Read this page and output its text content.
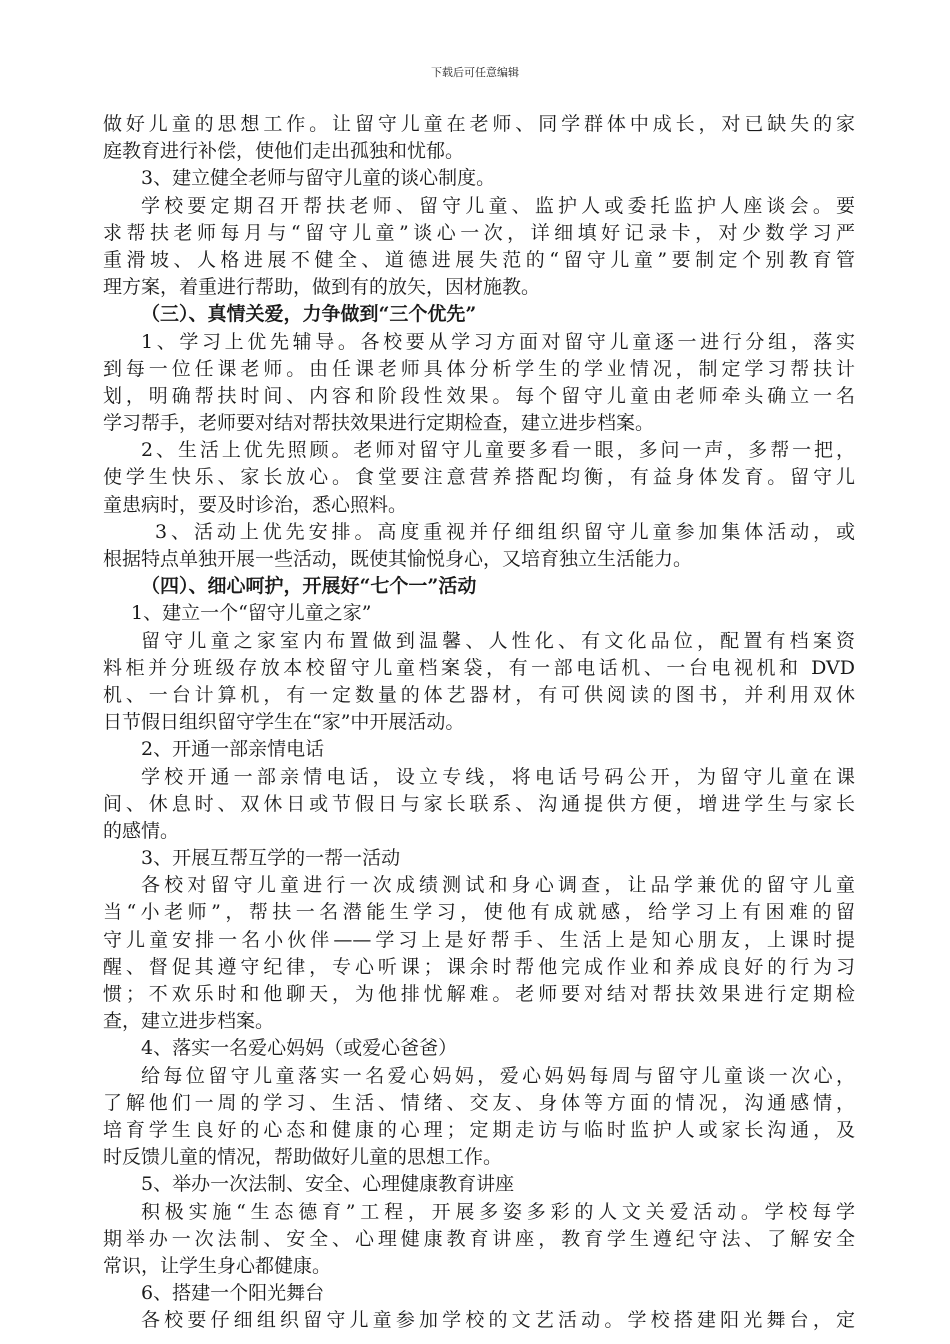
下载后可任意编辑
做好儿童的思想工作。让留守儿童在老师、同学群体中成长，对已缺失的家
庭教育进行补偿，使他们走出孤独和忧郁。
3、建立健全老师与留守儿童的谈心制度。
学校要定期召开帮扶老师、留守儿童、监护人或委托监护人座谈会。要
求帮扶老师每月与“留守儿童”谈心一次，详细填好记录卡，对少数学习严
重滑坡、人格进展不健全、道德进展失范的“留守儿童”要制定个别教育管
理方案，着重进行帮助，做到有的放矢，因材施教。
（三）、真情关爱，力争做到“三个优先”
1、学习上优先辅导。各校要从学习方面对留守儿童逐一进行分组，落实
到每一位任课老师。由任课老师具体分析学生的学业情况，制定学习帮扶计
划，明确帮扶时间、内容和阶段性效果。每个留守儿童由老师牵头确立一名
学习帮手，老师要对结对帮扶效果进行定期检查，建立进步档案。
2、生活上优先照顾。老师对留守儿童要多看一眼，多问一声，多帮一把，
使学生快乐、家长放心。食堂要注意营养搭配均衡，有益身体发育。留守儿
童患病时，要及时诊治，悉心照料。
3、活动上优先安排。高度重视并仔细组织留守儿童参加集体活动，或
根据特点单独开展一些活动，既使其愉悦身心，又培育独立生活能力。
（四）、细心呵护，开展好“七个一”活动
1、建立一个“留守儿童之家”
留守儿童之家室内布置做到温馨、人性化、有文化品位，配置有档案资
料柜并分班级存放本校留守儿童档案袋，有一部电话机、一台电视机和 DVD
机、一台计算机，有一定数量的体艺器材，有可供阅读的图书，并利用双休
日节假日组织留守学生在“家”中开展活动。
2、开通一部亲情电话
学校开通一部亲情电话，设立专线，将电话号码公开，为留守儿童在课
间、休息时、双休日或节假日与家长联系、沟通提供方便，增进学生与家长
的感情。
3、开展互帮互学的一帮一活动
各校对留守儿童进行一次成绩测试和身心调查，让品学兼优的留守儿童
当“小老师”，帮扶一名潜能生学习，使他有成就感，给学习上有困难的留
守儿童安排一名小伙伴——学习上是好帮手、生活上是知心朋友，上课时提
醒、督促其遵守纪律，专心听课；课余时帮他完成作业和养成良好的行为习
惯；不欢乐时和他聊天，为他排忧解难。老师要对结对帮扶效果进行定期检
查，建立进步档案。
4、落实一名爱心妈妈（或爱心爸爸）
给每位留守儿童落实一名爱心妈妈，爱心妈妈每周与留守儿童谈一次心，
了解他们一周的学习、生活、情绪、交友、身体等方面的情况，沟通感情，
培育学生良好的心态和健康的心理；定期走访与临时监护人或家长沟通，及
时反馈儿童的情况，帮助做好儿童的思想工作。
5、举办一次法制、安全、心理健康教育讲座
积极实施“生态德育”工程，开展多姿多彩的人文关爱活动。学校每学
期举办一次法制、安全、心理健康教育讲座，教育学生遵纪守法、了解安全
常识，让学生身心都健康。
6、搭建一个阳光舞台
各校要仔细组织留守儿童参加学校的文艺活动。学校搭建阳光舞台，定
